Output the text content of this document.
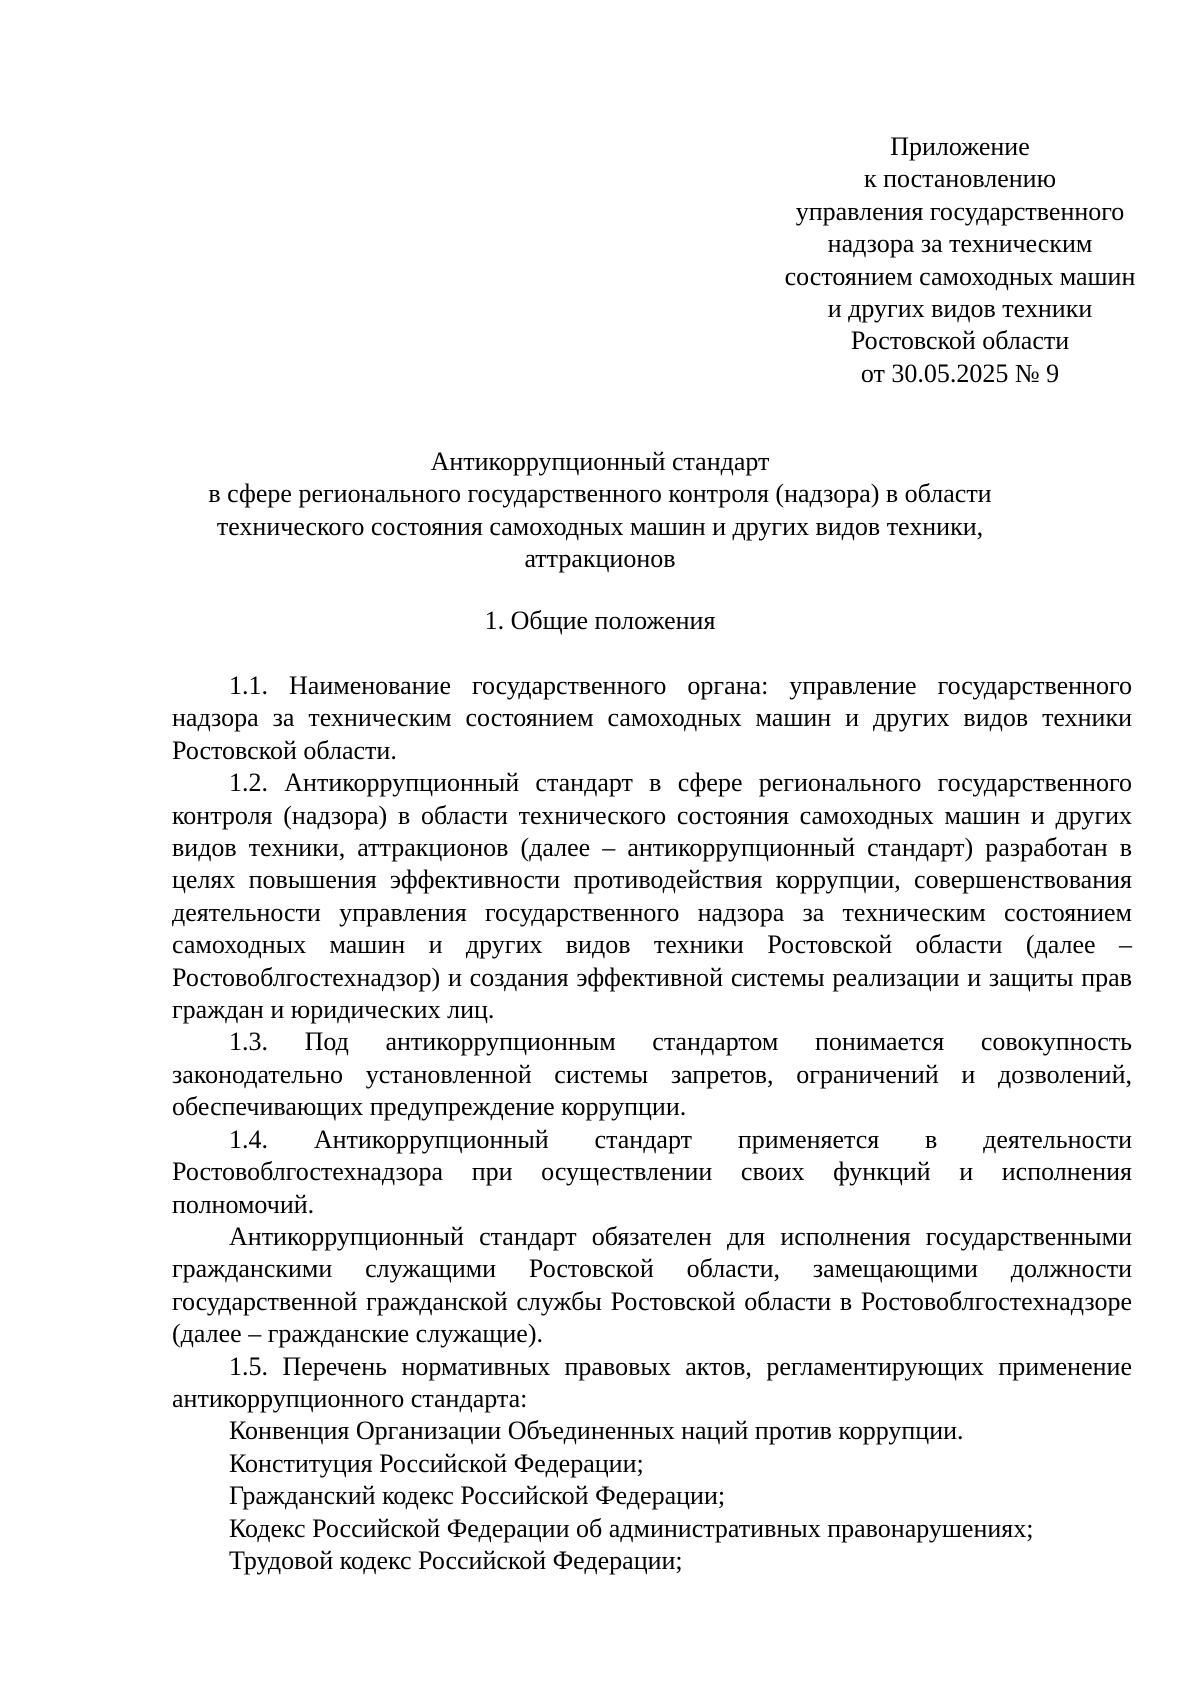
Приложение
к постановлению
управления государственного
надзора за техническим
состоянием самоходных машин
и других видов техники
Ростовской области
от 30.05.2025 № 9
Антикоррупционный стандарт
в сфере регионального государственного контроля (надзора) в области
технического состояния самоходных машин и других видов техники,
аттракционов
1. Общие положения

1.1. Наименование государственного органа: управление государственного надзора за техническим состоянием самоходных машин и других видов техники Ростовской области.

1.2. Антикоррупционный стандарт в сфере регионального государственного контроля (надзора) в области технического состояния самоходных машин и других видов техники, аттракционов (далее – антикоррупционный стандарт) разработан в целях повышения эффективности противодействия коррупции, совершенствования деятельности управления государственного надзора за техническим состоянием самоходных машин и других видов техники Ростовской области (далее – Ростовоблгостехнадзор) и создания эффективной системы реализации и защиты прав граждан и юридических лиц.

1.3. Под антикоррупционным стандартом понимается совокупность законодательно установленной системы запретов, ограничений и дозволений, обеспечивающих предупреждение коррупции.

1.4. Антикоррупционный стандарт применяется в деятельности Ростовоблгостехнадзора при осуществлении своих функций и исполнения полномочий.

Антикоррупционный стандарт обязателен для исполнения государственными гражданскими служащими Ростовской области, замещающими должности государственной гражданской службы Ростовской области в Ростовоблгостехнадзоре (далее – гражданские служащие).

1.5. Перечень нормативных правовых актов, регламентирующих применение антикоррупционного стандарта:

Конвенция Организации Объединенных наций против коррупции.

Конституция Российской Федерации;

Гражданский кодекс Российской Федерации;

Кодекс Российской Федерации об административных правонарушениях;

Трудовой кодекс Российской Федерации;
